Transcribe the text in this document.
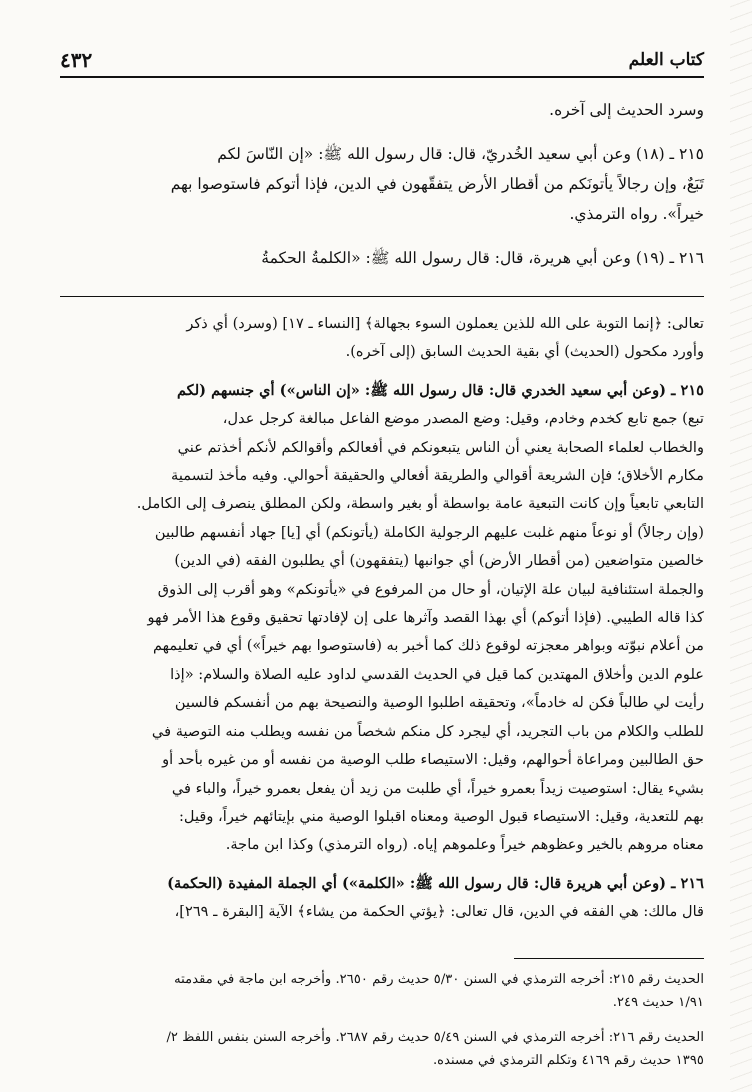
كتاب العلم
٤٣٢

وسرد الحديث إلى آخره.

٢١٥ ـ (١٨) وعن أبي سعيد الخُدريّ، قال: قال رسول الله ﷺ: «إن النّاسَ لكم

تَبَعٌ، وإن رجالاً يأتونَكم من أقطار الأرض يتفقّهون في الدين، فإذا أتوكم فاستوصوا بهم

خيراً». رواه الترمذي.

٢١٦ ـ (١٩) وعن أبي هريرة، قال: قال رسول الله ﷺ: «الكلمةُ الحكمةُ

تعالى: ﴿إنما التوبة على الله للذين يعملون السوء بجهالة﴾ [النساء ـ ١٧] (وسرد) أي ذكر

وأورد مكحول (الحديث) أي بقية الحديث السابق (إلى آخره).

٢١٥ ـ (وعن أبي سعيد الخدري قال: قال رسول الله ﷺ: «إن الناس») أي جنسهم (لكم

تبع) جمع تابع كخدم وخادم، وقيل: وضع المصدر موضع الفاعل مبالغة كرجل عدل،

والخطاب لعلماء الصحابة يعني أن الناس يتبعونكم في أفعالكم وأقوالكم لأنكم أخذتم عني

مكارم الأخلاق؛ فإن الشريعة أقوالي والطريقة أفعالي والحقيقة أحوالي. وفيه مأخذ لتسمية

التابعي تابعياً وإن كانت التبعية عامة بواسطة أو بغير واسطة، ولكن المطلق ينصرف إلى الكامل.

(وإن رجالاً) أو نوعاً منهم غلبت عليهم الرجولية الكاملة (يأتونكم) أي [يا] جهاد أنفسهم طالبين

خالصين متواضعين (من أقطار الأرض) أي جوانبها (يتفقهون) أي يطلبون الفقه (في الدين)

والجملة استئنافية لبيان علة الإتيان، أو حال من المرفوع في «يأتونكم» وهو أقرب إلى الذوق

كذا قاله الطيبي. (فإذا أتوكم) أي بهذا القصد وآثرها على إن لإفادتها تحقيق وقوع هذا الأمر فهو

من أعلام نبوّته وبواهر معجزته لوقوع ذلك كما أخبر به (فاستوصوا بهم خيراً») أي في تعليمهم

علوم الدين وأخلاق المهتدين كما قيل في الحديث القدسي لداود عليه الصلاة والسلام: «إذا

رأيت لي طالباً فكن له خادماً»، وتحقيقه اطلبوا الوصية والنصيحة بهم من أنفسكم فالسين

للطلب والكلام من باب التجريد، أي ليجرد كل منكم شخصاً من نفسه ويطلب منه التوصية في

حق الطالبين ومراعاة أحوالهم، وقيل: الاستيصاء طلب الوصية من نفسه أو من غيره بأحد أو

بشيء يقال: استوصيت زيداً بعمرو خيراً، أي طلبت من زيد أن يفعل بعمرو خيراً، والباء في

بهم للتعدية، وقيل: الاستيصاء قبول الوصية ومعناه اقبلوا الوصية مني بإيتائهم خيراً، وقيل:

معناه مروهم بالخير وعظوهم خيراً وعلموهم إياه. (رواه الترمذي) وكذا ابن ماجة.

٢١٦ ـ (وعن أبي هريرة قال: قال رسول الله ﷺ: «الكلمة») أي الجملة المفيدة (الحكمة)

قال مالك: هي الفقه في الدين، قال تعالى: ﴿يؤتي الحكمة من يشاء﴾ الآية [البقرة ـ ٢٦٩]،

الحديث رقم ٢١٥: أخرجه الترمذي في السنن ٥/٣٠ حديث رقم ٢٦٥٠. وأخرجه ابن ماجة في مقدمته
١/٩١ حديث ٢٤٩.

الحديث رقم ٢١٦: أخرجه الترمذي في السنن ٥/٤٩ حديث رقم ٢٦٨٧. وأخرجه السنن بنفس اللفظ ٢/
١٣٩٥ حديث رقم ٤١٦٩ وتكلم الترمذي في مسنده.
